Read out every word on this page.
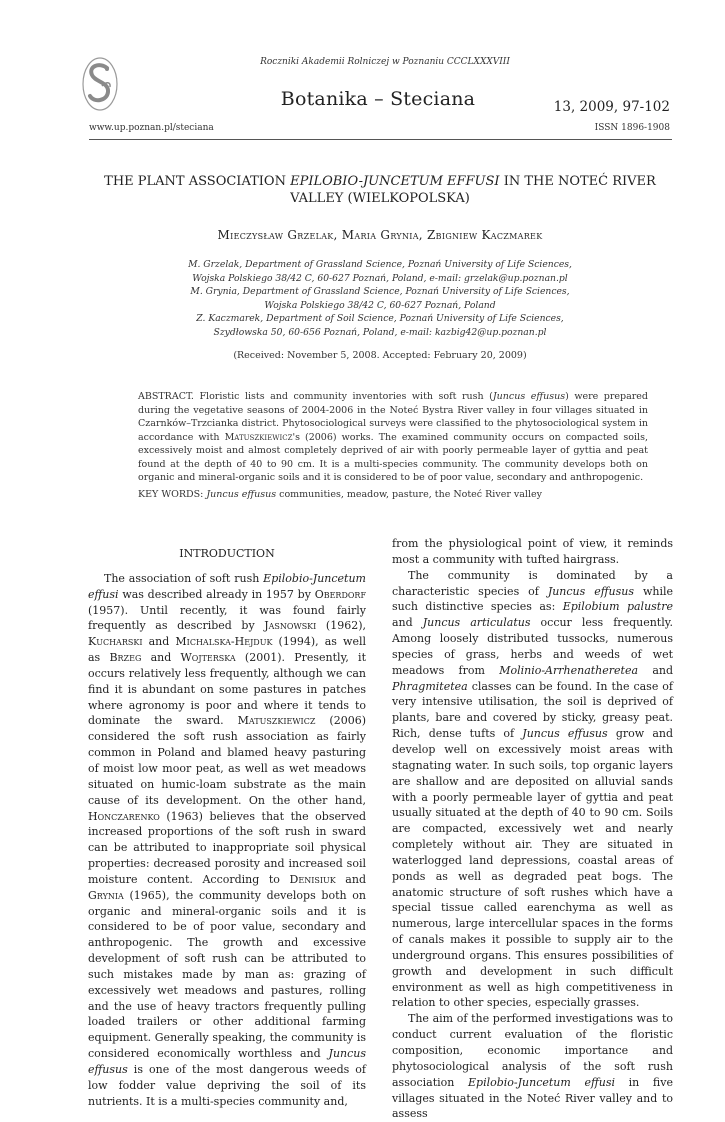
Roczniki Akademii Rolniczej w Poznaniu CCCLXXXVIII
Botanika – Steciana	13, 2009, 97-102
www.up.poznan.pl/steciana	ISSN 1896-1908
THE PLANT ASSOCIATION EPILOBIO-JUNCETUM EFFUSI IN THE NOTEĆ RIVER
VALLEY (WIELKOPOLSKA)
Mieczysław Grzelak, Maria Grynia, Zbigniew Kaczmarek
M. Grzelak, Department of Grassland Science, Poznań University of Life Sciences,
Wojska Polskiego 38/42 C, 60-627 Poznań, Poland, e-mail: grzelak@up.poznan.pl
M. Grynia, Department of Grassland Science, Poznań University of Life Sciences,
Wojska Polskiego 38/42 C, 60-627 Poznań, Poland
Z. Kaczmarek, Department of Soil Science, Poznań University of Life Sciences,
Szydłowska 50, 60-656 Poznań, Poland, e-mail: kazbig42@up.poznan.pl
(Received: November 5, 2008. Accepted: February 20, 2009)
ABSTRACT. Floristic lists and community inventories with soft rush (Juncus effusus) were prepared during the vegetative seasons of 2004-2006 in the Noteć Bystra River valley in four villages situated in Czarnków–Trzcianka district. Phytosociological surveys were classified to the phytosociological system in accordance with Matuszkiewicz's (2006) works. The examined community occurs on compacted soils, excessively moist and almost completely deprived of air with poorly permeable layer of gyttia and peat found at the depth of 40 to 90 cm. It is a multi-species community. The community develops both on organic and mineral-organic soils and it is considered to be of poor value, secondary and anthropogenic.
KEY WORDS: Juncus effusus communities, meadow, pasture, the Noteć River valley

INTRODUCTION

The association of soft rush Epilobio-Juncetum effusi was described already in 1957 by Oberdorf (1957). Until recently, it was found fairly frequently as described by Jasnowski (1962), Kucharski and Michalska-Hejduk (1994), as well as Brzeg and Wojterska (2001). Presently, it occurs relatively less frequently, although we can find it is abundant on some pastures in patches where agronomy is poor and where it tends to dominate the sward. Matuszkiewicz (2006) considered the soft rush association as fairly common in Poland and blamed heavy pasturing of moist low moor peat, as well as wet meadows situated on humic-loam substrate as the main cause of its development. On the other hand, Honczarenko (1963) believes that the observed increased proportions of the soft rush in sward can be attributed to inappropriate soil physical properties: decreased porosity and increased soil moisture content. According to Denisiuk and Grynia (1965), the community develops both on organic and mineral-organic soils and it is considered to be of poor value, secondary and anthropogenic. The growth and excessive development of soft rush can be attributed to such mistakes made by man as: grazing of excessively wet meadows and pastures, rolling and the use of heavy tractors frequently pulling loaded trailers or other additional farming equipment. Generally speaking, the community is considered economically worthless and Juncus effusus is one of the most dangerous weeds of low fodder value depriving the soil of its nutrients. It is a multi-species community and,

from the physiological point of view, it reminds most a community with tufted hairgrass.

The community is dominated by a characteristic species of Juncus effusus while such distinctive species as: Epilobium palustre and Juncus articulatus occur less frequently. Among loosely distributed tussocks, numerous species of grass, herbs and weeds of wet meadows from Molinio-Arrhenatheretea and Phragmitetea classes can be found. In the case of very intensive utilisation, the soil is deprived of plants, bare and covered by sticky, greasy peat. Rich, dense tufts of Juncus effusus grow and develop well on excessively moist areas with stagnating water. In such soils, top organic layers are shallow and are deposited on alluvial sands with a poorly permeable layer of gyttia and peat usually situated at the depth of 40 to 90 cm. Soils are compacted, excessively wet and nearly completely without air. They are situated in waterlogged land depressions, coastal areas of ponds as well as degraded peat bogs. The anatomic structure of soft rushes which have a special tissue called earenchyma as well as numerous, large intercellular spaces in the forms of canals makes it possible to supply air to the underground organs. This ensures possibilities of growth and development in such difficult environment as well as high competitiveness in relation to other species, especially grasses.

The aim of the performed investigations was to conduct current evaluation of the floristic composition, economic importance and phytosociological analysis of the soft rush association Epilobio-Juncetum effusi in five villages situated in the Noteć River valley and to assess
